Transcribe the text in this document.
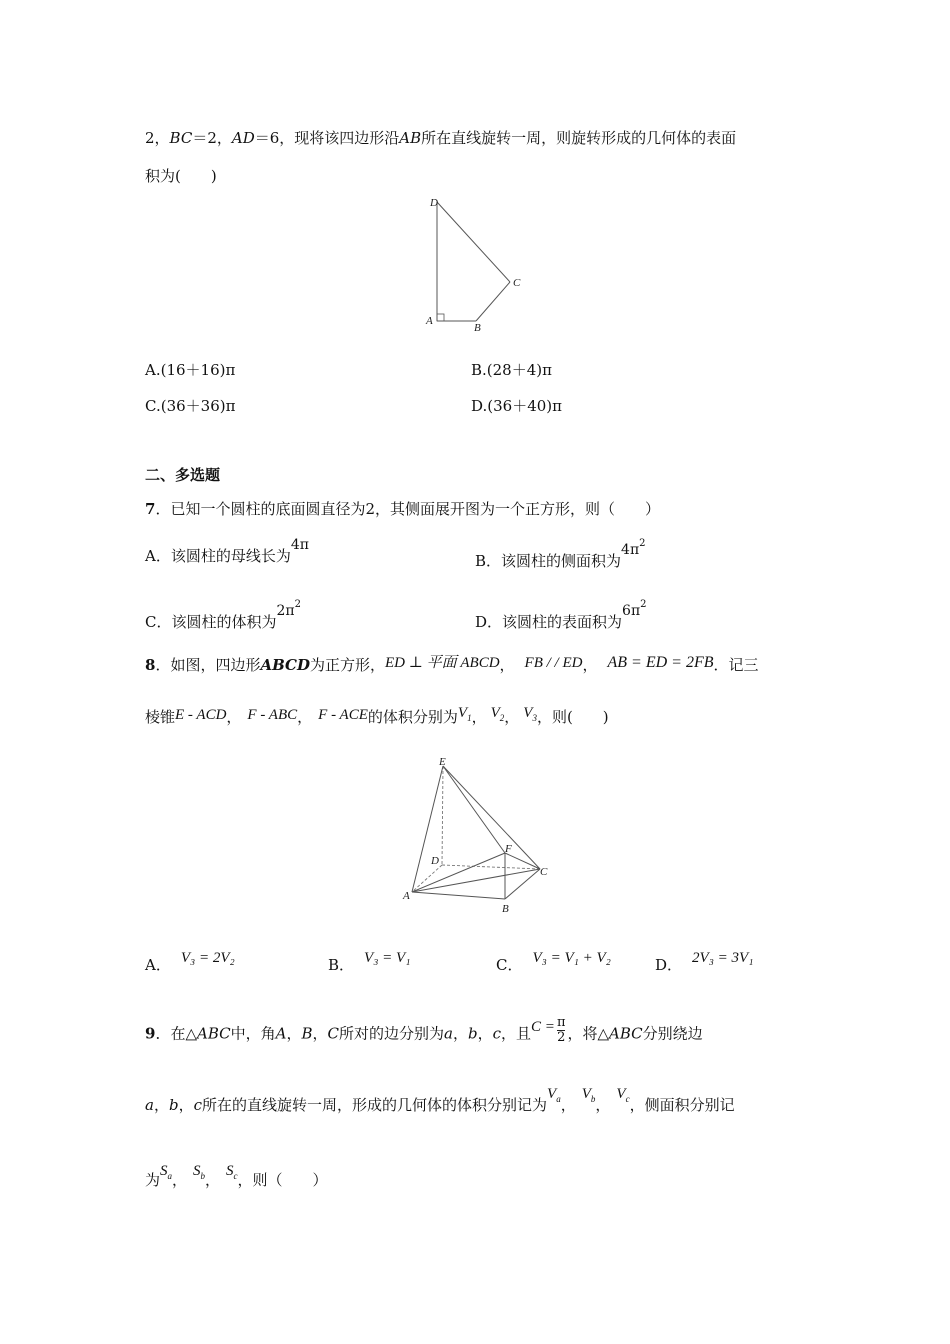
2，BC＝2，AD＝6，现将该四边形沿AB所在直线旋转一周，则旋转形成的几何体的表面
积为(　　)
D
C
A
B
A.(16＋16)π	B.(28＋4)π
C.(36＋36)π	D.(36＋40)π
二、多选题
7．已知一个圆柱的底面圆直径为2，其侧面展开图为一个正方形，则（　　）
A．该圆柱的母线长为4π
B．该圆柱的侧面积为$4\pi^2$
C．该圆柱的体积为$2\pi^2$
D．该圆柱的表面积为$6\pi^2$
8．如图，四边形ABCD为正方形，ED ⊥ 平面 ABCD， FB / / ED， AB = ED = 2FB．记三
棱锥E - ACD， F - ABC， F - ACE的体积分别为$V_1$， $V_2$， $V_3$，则(　　)
E
D
F
C
A
B
A． V₃ = 2V₂	B． V₃ = V₁	C． V₃ = V₁ + V₂	D． 2V₃ = 3V₁
9．在△ABC中，角A，B，C所对的边分别为a，b，c，且$C = \frac{\pi}{2}$ ，将△ABC分别绕边
a，b，c所在的直线旋转一周，形成的几何体的体积分别记为$V_a$，$V_b$，$V_c$，侧面积分别记
为$S_a$， $S_b$， $S_c$，则（　　）
